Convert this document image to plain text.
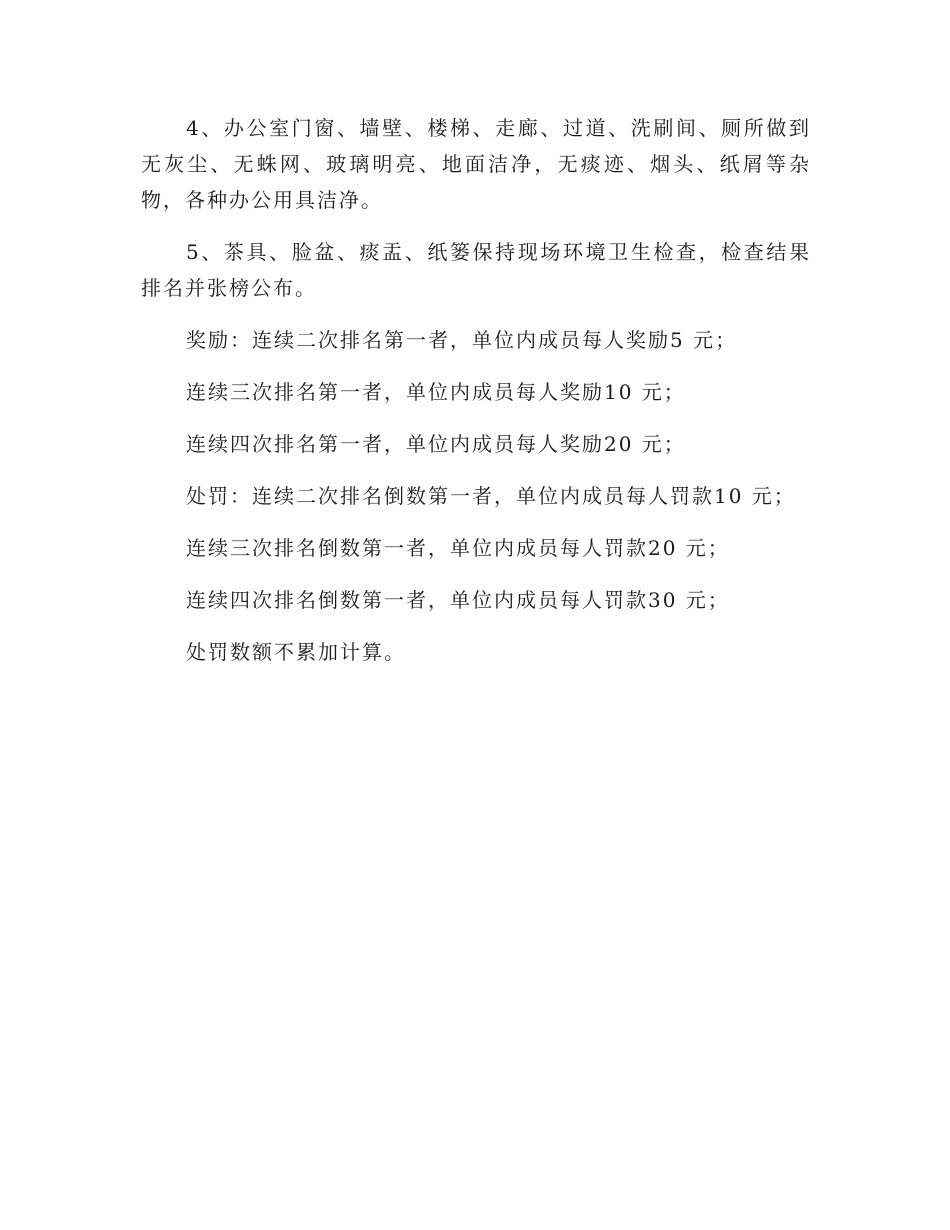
4、办公室门窗、墙壁、楼梯、走廊、过道、洗刷间、厕所做到无灰尘、无蛛网、玻璃明亮、地面洁净，无痰迹、烟头、纸屑等杂物，各种办公用具洁净。

5、茶具、脸盆、痰盂、纸篓保持现场环境卫生检查，检查结果排名并张榜公布。

奖励：连续二次排名第一者，单位内成员每人奖励5 元；

连续三次排名第一者，单位内成员每人奖励10 元；

连续四次排名第一者，单位内成员每人奖励20 元；

处罚：连续二次排名倒数第一者，单位内成员每人罚款10 元；

连续三次排名倒数第一者，单位内成员每人罚款20 元；

连续四次排名倒数第一者，单位内成员每人罚款30 元；

处罚数额不累加计算。
